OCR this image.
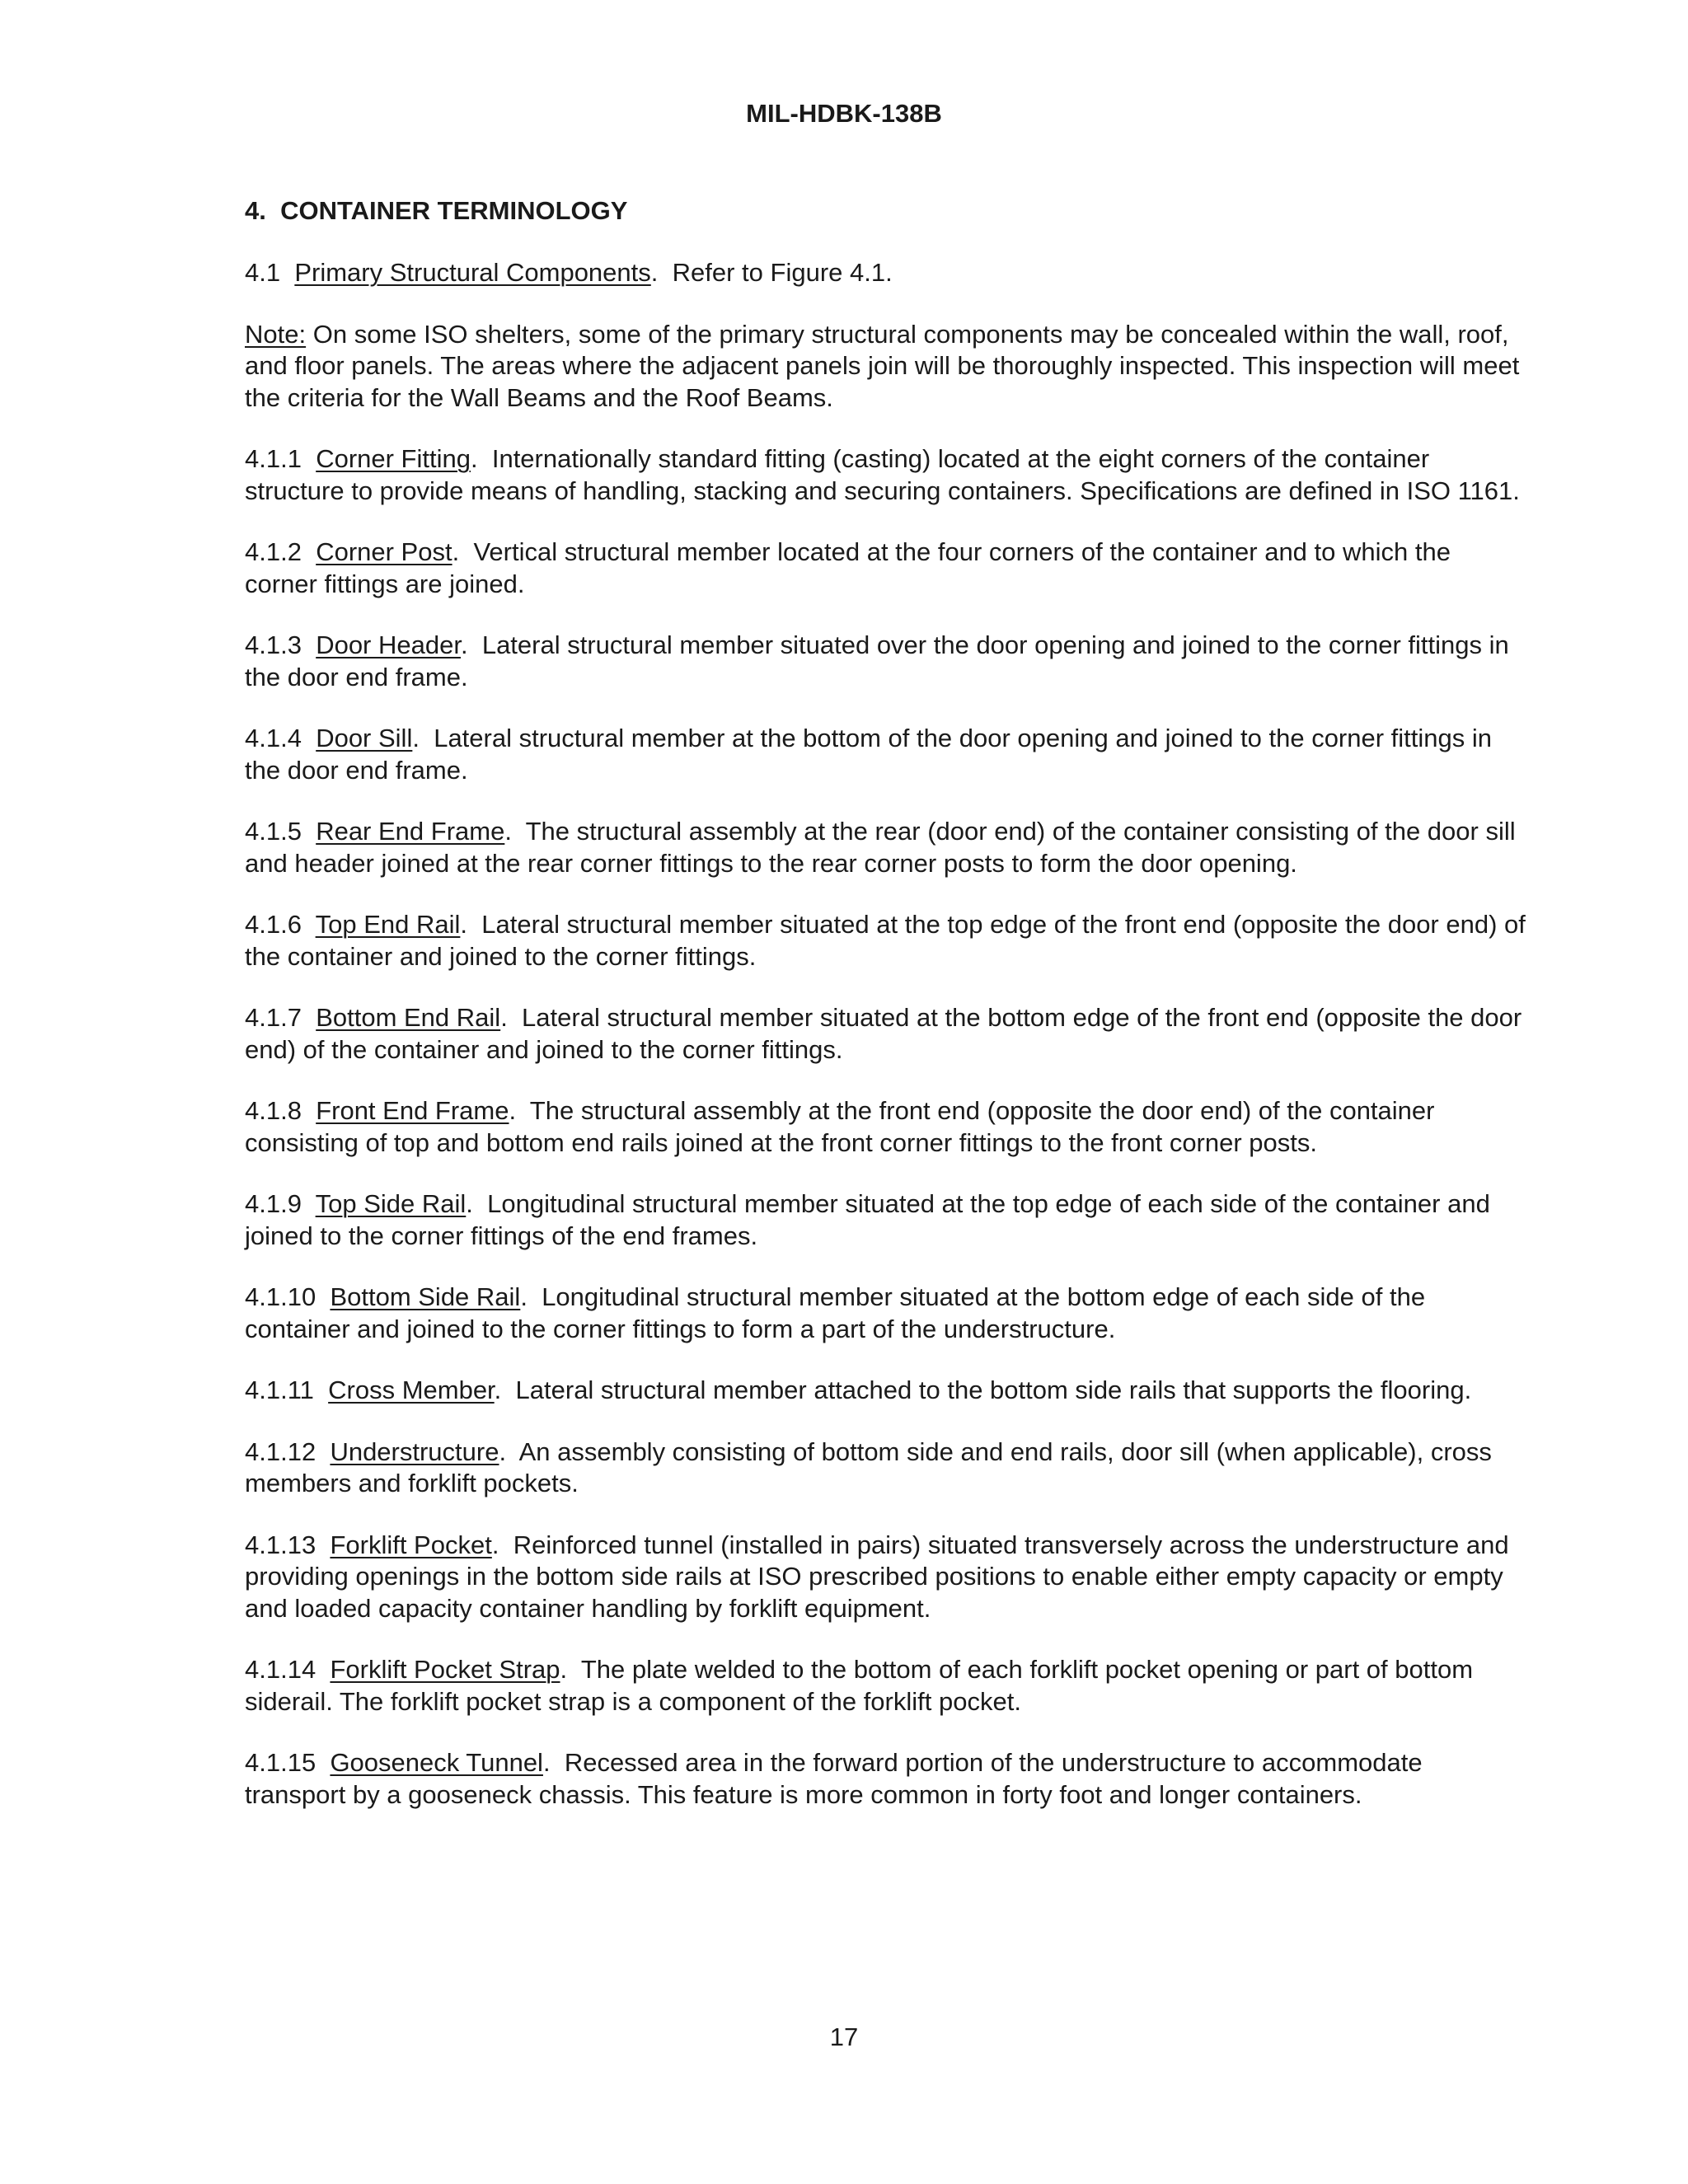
MIL-HDBK-138B
4. CONTAINER TERMINOLOGY
4.1 Primary Structural Components. Refer to Figure 4.1.
Note: On some ISO shelters, some of the primary structural components may be concealed within the wall, roof, and floor panels. The areas where the adjacent panels join will be thoroughly inspected. This inspection will meet the criteria for the Wall Beams and the Roof Beams.
4.1.1 Corner Fitting. Internationally standard fitting (casting) located at the eight corners of the container structure to provide means of handling, stacking and securing containers. Specifications are defined in ISO 1161.
4.1.2 Corner Post. Vertical structural member located at the four corners of the container and to which the corner fittings are joined.
4.1.3 Door Header. Lateral structural member situated over the door opening and joined to the corner fittings in the door end frame.
4.1.4 Door Sill. Lateral structural member at the bottom of the door opening and joined to the corner fittings in the door end frame.
4.1.5 Rear End Frame. The structural assembly at the rear (door end) of the container consisting of the door sill and header joined at the rear corner fittings to the rear corner posts to form the door opening.
4.1.6 Top End Rail. Lateral structural member situated at the top edge of the front end (opposite the door end) of the container and joined to the corner fittings.
4.1.7 Bottom End Rail. Lateral structural member situated at the bottom edge of the front end (opposite the door end) of the container and joined to the corner fittings.
4.1.8 Front End Frame. The structural assembly at the front end (opposite the door end) of the container consisting of top and bottom end rails joined at the front corner fittings to the front corner posts.
4.1.9 Top Side Rail. Longitudinal structural member situated at the top edge of each side of the container and joined to the corner fittings of the end frames.
4.1.10 Bottom Side Rail. Longitudinal structural member situated at the bottom edge of each side of the container and joined to the corner fittings to form a part of the understructure.
4.1.11 Cross Member. Lateral structural member attached to the bottom side rails that supports the flooring.
4.1.12 Understructure. An assembly consisting of bottom side and end rails, door sill (when applicable), cross members and forklift pockets.
4.1.13 Forklift Pocket. Reinforced tunnel (installed in pairs) situated transversely across the understructure and providing openings in the bottom side rails at ISO prescribed positions to enable either empty capacity or empty and loaded capacity container handling by forklift equipment.
4.1.14 Forklift Pocket Strap. The plate welded to the bottom of each forklift pocket opening or part of bottom siderail. The forklift pocket strap is a component of the forklift pocket.
4.1.15 Gooseneck Tunnel. Recessed area in the forward portion of the understructure to accommodate transport by a gooseneck chassis. This feature is more common in forty foot and longer containers.
17
